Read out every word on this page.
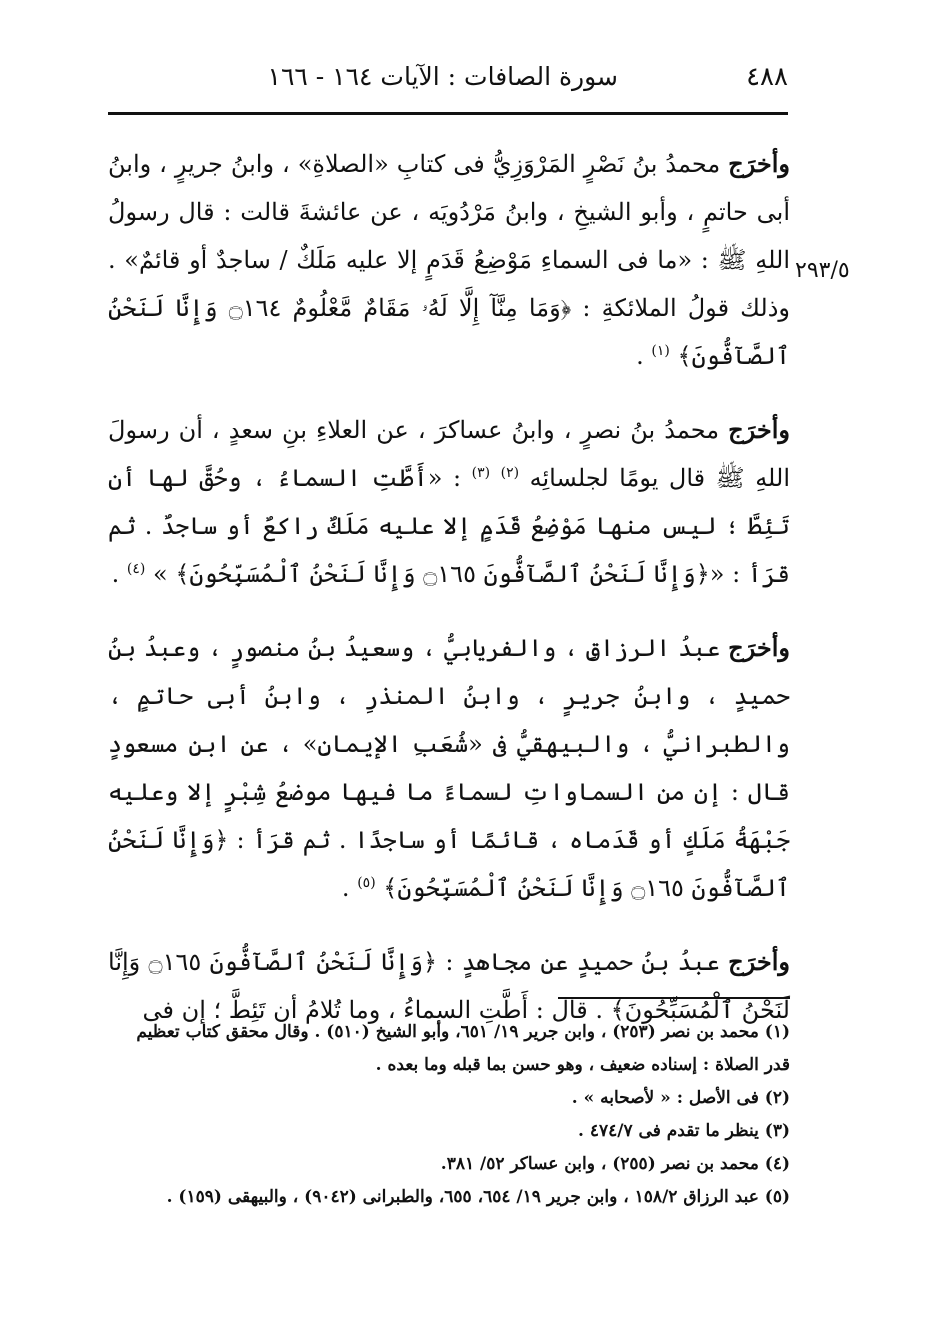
٤٨٨
سورة الصافات : الآيات ١٦٤ - ١٦٦
٢٩٣/٥

وأخرَج محمدُ بنُ نَصْرٍ المَرْوَزِيُّ فى كتابِ «الصلاةِ» ، وابنُ جريرٍ ، وابنُ أبى حاتمٍ ، وأبو الشيخِ ، وابنُ مَرْدُويَه ، عن عائشةَ قالت : قال رسولُ اللهِ ﷺ : «ما فى السماءِ مَوْضِعُ قَدَمٍ إلا عليه مَلَكٌ / ساجدٌ أو قائمٌ» . وذلك قولُ الملائكةِ : ﴿وَمَا مِنَّآ إِلَّا لَهُۥ مَقَامٌ مَّعْلُومٌ ۝١٦٤ وَإِنَّا لَنَحْنُ ٱلصَّآفُّونَ﴾ $^{(١)}$ .

وأخرَج محمدُ بنُ نصرٍ ، وابنُ عساكرَ ، عن العلاءِ بنِ سعدٍ ، أن رسولَ اللهِ ﷺ قال يومًا لجلسائِه $^{(٢)}$ $^{(٣)}$ : «أَطَّتِ السماءُ ، وحُقَّ لها أن تَئِطَّ ؛ ليس منها مَوْضِعُ قَدَمٍ إلا عليه مَلَكٌ راكعٌ أو ساجدٌ . ثم قرَأ : «﴿وَإِنَّا لَنَحْنُ ٱلصَّآفُّونَ ۝١٦٥ وَإِنَّا لَنَحْنُ ٱلْمُسَبِّحُونَ﴾ » $^{(٤)}$ .

وأخرَج عبدُ الرزاقِ ، والفريابيُّ ، وسعيدُ بنُ منصورٍ ، وعبدُ بنُ حميدٍ ، وابنُ جريرٍ ، وابنُ المنذرِ ، وابنُ أبى حاتمٍ ، والطبرانيُّ ، والبيهقيُّ فى «شُعَبِ الإيمانِ» ، عن ابنِ مسعودٍ قال : إن من السماواتِ لسماءً ما فيها موضعُ شِبْرٍ إلا وعليه جَبْهَةُ مَلَكٍ أو قَدَماه ، قائمًا أو ساجدًا . ثم قرَأ : ﴿وَإِنَّا لَنَحْنُ ٱلصَّآفُّونَ ۝١٦٥ وَإِنَّا لَنَحْنُ ٱلْمُسَبِّحُونَ﴾ $^{(٥)}$ .

وأخرَج عبدُ بنُ حميدٍ عن مجاهدٍ : ﴿وَإِنَّا لَنَحْنُ ٱلصَّآفُّونَ ۝١٦٥ وَإِنَّا لَنَحْنُ ٱلْمُسَبِّحُونَ﴾ . قال : أَطَّتِ السماءُ ، وما تُلامُ أن تَئِطَّ ؛ إن فى

(١) محمد بن نصر (٢٥٣) ، وابن جرير ١٩/ ٦٥١، وأبو الشيخ (٥١٠) . وقال محقق كتاب تعظيم قدر الصلاة : إسناده ضعيف ، وهو حسن بما قبله وما بعده .

(٢) فى الأصل : « لأصحابه » .

(٣) ينظر ما تقدم فى ٤٧٤/٧ .

(٤) محمد بن نصر (٢٥٥) ، وابن عساكر ٥٢/ ٣٨١.

(٥) عبد الرزاق ١٥٨/٢ ، وابن جرير ١٩/ ٦٥٤، ٦٥٥، والطبرانى (٩٠٤٢) ، والبيهقى (١٥٩) .
